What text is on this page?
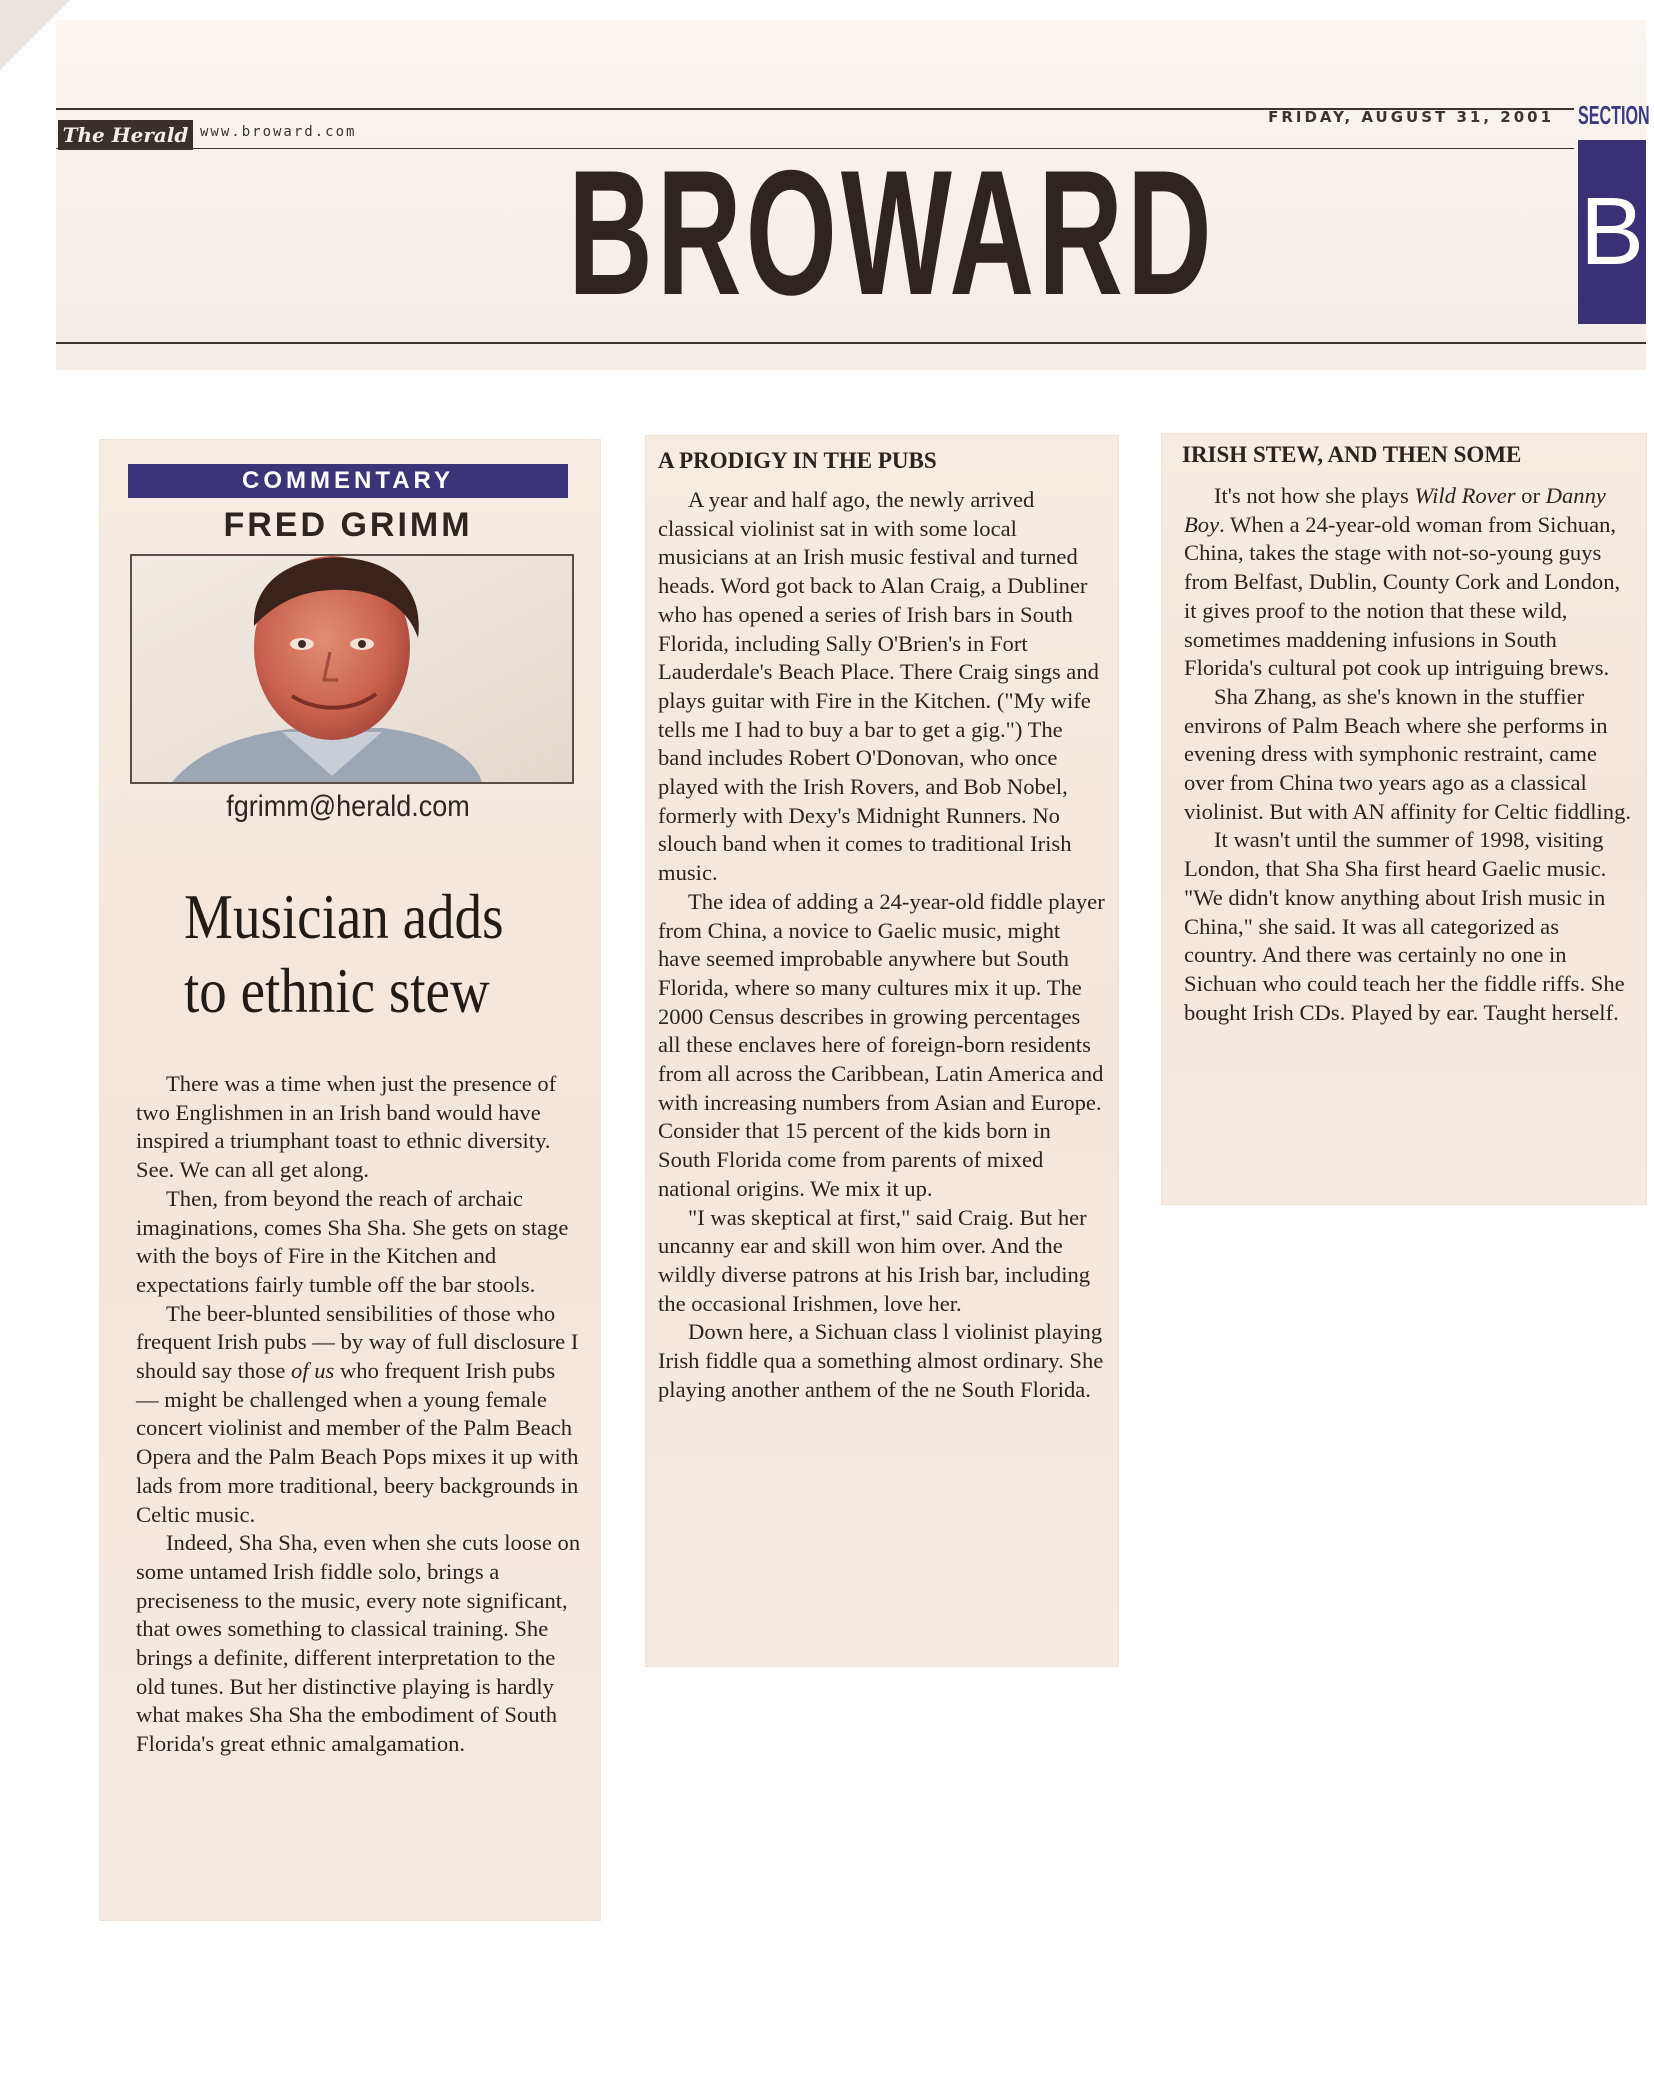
The Herald www.broward.com
FRIDAY, AUGUST 31, 2001 SECTION
B
BROWARD
COMMENTARY
FRED GRIMM
fgrimm@herald.com
Musician adds
to ethnic stew

There was a time when just the presence of two Englishmen in an Irish band would have inspired a triumphant toast to ethnic diversity. See. We can all get along.

Then, from beyond the reach of archaic imaginations, comes Sha Sha. She gets on stage with the boys of Fire in the Kitchen and expectations fairly tumble off the bar stools.

The beer-blunted sensibilities of those who frequent Irish pubs — by way of full disclosure I should say those of us who frequent Irish pubs — might be challenged when a young female concert violinist and member of the Palm Beach Opera and the Palm Beach Pops mixes it up with lads from more traditional, beery backgrounds in Celtic music.

Indeed, Sha Sha, even when she cuts loose on some untamed Irish fiddle solo, brings a preciseness to the music, every note significant, that owes something to classical training. She brings a definite, different interpretation to the old tunes. But her distinctive playing is hardly what makes Sha Sha the embodiment of South Florida's great ethnic amalgamation.

A PRODIGY IN THE PUBS

A year and half ago, the newly arrived classical violinist sat in with some local musicians at an Irish music festival and turned heads. Word got back to Alan Craig, a Dubliner who has opened a series of Irish bars in South Florida, including Sally O'Brien's in Fort Lauderdale's Beach Place. There Craig sings and plays guitar with Fire in the Kitchen. ("My wife tells me I had to buy a bar to get a gig.") The band includes Robert O'Donovan, who once played with the Irish Rovers, and Bob Nobel, formerly with Dexy's Midnight Runners. No slouch band when it comes to traditional Irish music.

The idea of adding a 24-year-old fiddle player from China, a novice to Gaelic music, might have seemed improbable anywhere but South Florida, where so many cultures mix it up. The 2000 Census describes in growing percentages all these enclaves here of foreign-born residents from all across the Caribbean, Latin America and with increasing numbers from Asian and Europe. Consider that 15 percent of the kids born in South Florida come from parents of mixed national origins. We mix it up.

"I was skeptical at first," said Craig. But her uncanny ear and skill won him over. And the wildly diverse patrons at his Irish bar, including the occasional Irishmen, love her.

Down here, a Sichuan class l violinist playing Irish fiddle qua a something almost ordinary. She playing another anthem of the ne South Florida.

IRISH STEW, AND THEN SOME

It's not how she plays Wild Rover or Danny Boy. When a 24-year-old woman from Sichuan, China, takes the stage with not-so-young guys from Belfast, Dublin, County Cork and London, it gives proof to the notion that these wild, sometimes maddening infusions in South Florida's cultural pot cook up intriguing brews.

Sha Zhang, as she's known in the stuffier environs of Palm Beach where she performs in evening dress with symphonic restraint, came over from China two years ago as a classical violinist. But with AN affinity for Celtic fiddling.

It wasn't until the summer of 1998, visiting London, that Sha Sha first heard Gaelic music. "We didn't know anything about Irish music in China," she said. It was all categorized as country. And there was certainly no one in Sichuan who could teach her the fiddle riffs. She bought Irish CDs. Played by ear. Taught herself.
